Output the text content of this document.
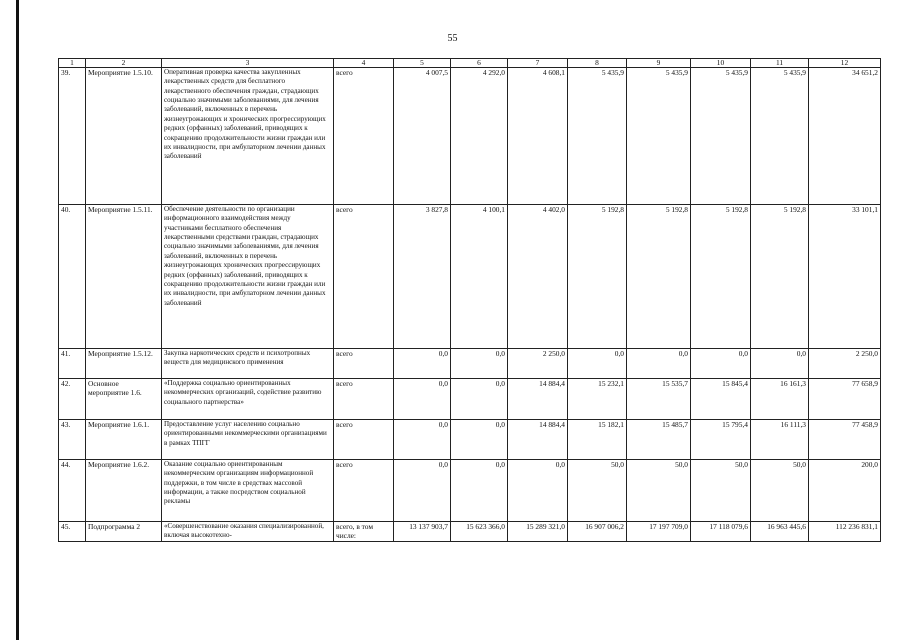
55
1	2	3	4	5	6	7	8	9	10	11	12
39.	Мероприятие 1.5.10.	Оперативная проверка качества закупленных лекарственных средств для бесплатного лекарственного обеспечения граждан, страдающих социально значимыми заболеваниями, для лечения заболеваний, включенных в перечень жизнеугрожающих и хронических прогрессирующих редких (орфанных) заболеваний, приводящих к сокращению продолжительности жизни граждан или их инвалидности, при амбулаторном лечении данных заболеваний	всего	4 007,5	4 292,0	4 608,1	5 435,9	5 435,9	5 435,9	5 435,9	34 651,2
40.	Мероприятие 1.5.11.	Обеспечение деятельности по организации информационного взаимодействия между участниками бесплатного обеспечения лекарственными средствами граждан, страдающих социально значимыми заболеваниями, для лечения заболеваний, включенных в перечень жизнеугрожающих хронических прогрессирующих редких (орфанных) заболеваний, приводящих к сокращению продолжительности жизни граждан или их инвалидности, при амбулаторном лечении данных заболеваний	всего	3 827,8	4 100,1	4 402,0	5 192,8	5 192,8	5 192,8	5 192,8	33 101,1
41.	Мероприятие 1.5.12.	Закупка наркотических средств и психотропных веществ для медицинского применения	всего	0,0	0,0	2 250,0	0,0	0,0	0,0	0,0	2 250,0
42.	Основное мероприятие 1.6.	«Поддержка социально ориентированных некоммерческих организаций, содействие развитию социального партнерства»	всего	0,0	0,0	14 884,4	15 232,1	15 535,7	15 845,4	16 161,3	77 658,9
43.	Мероприятие 1.6.1.	Предоставление услуг населению социально ориентированными некоммерческими организациями в рамках ТПГГ	всего	0,0	0,0	14 884,4	15 182,1	15 485,7	15 795,4	16 111,3	77 458,9
44.	Мероприятие 1.6.2.	Оказание социально ориентированным некоммерческим организациям информационной поддержки, в том числе в средствах массовой информации, а также посредством социальной рекламы	всего	0,0	0,0	0,0	50,0	50,0	50,0	50,0	200,0
45.	Подпрограмма 2	«Совершенствование оказания специализированной, включая высокотехно-	всего, в том числе:	13 137 903,7	15 623 366,0	15 289 321,0	16 907 006,2	17 197 709,0	17 118 079,6	16 963 445,6	112 236 831,1
